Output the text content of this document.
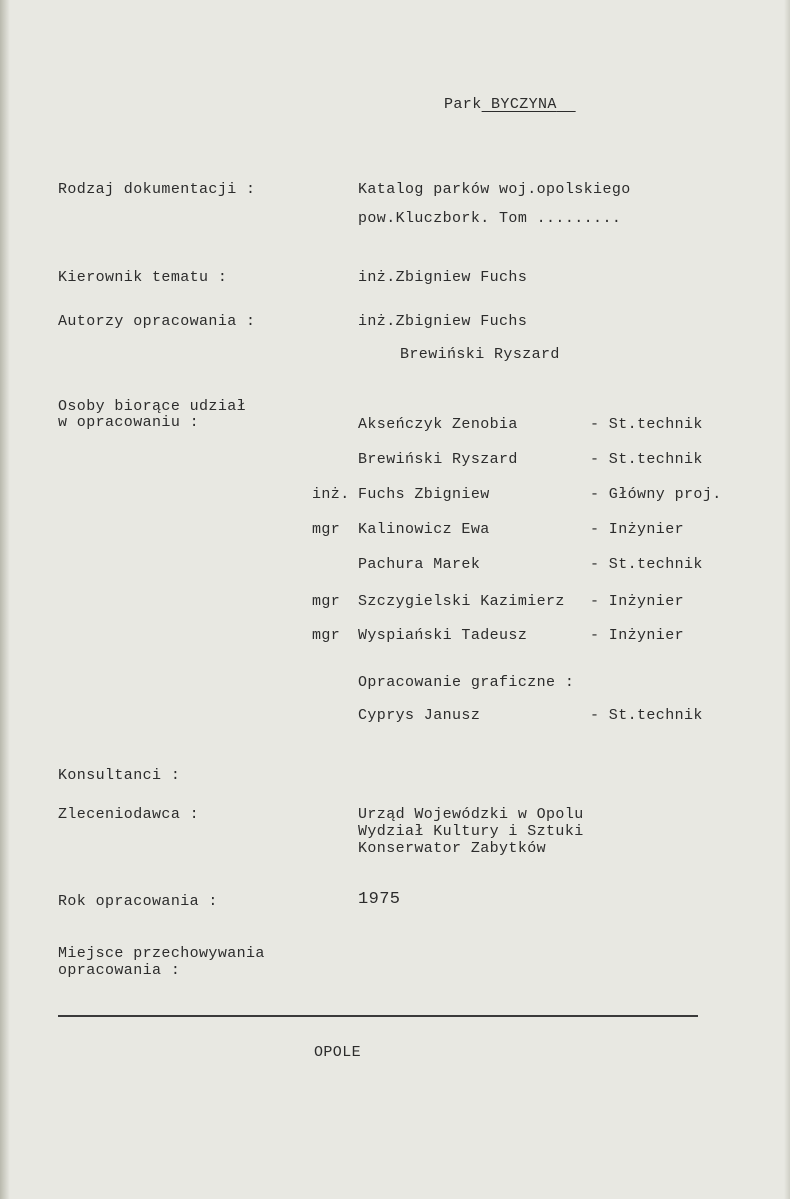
Park BYCZYNA
Rodzaj dokumentacji :	Katalog parków woj.opolskiego
pow.Kluczbork. Tom .........
Kierownik tematu :	inż.Zbigniew Fuchs
Autorzy opracowania :	inż.Zbigniew Fuchs
Brewiński Ryszard
Osoby biorące udział
w opracowaniu :	Akseńczyk Zenobia	- St.technik
Brewiński Ryszard	- St.technik
inż. Fuchs Zbigniew	- Główny proj.
mgr Kalinowicz Ewa	- Inżynier
Pachura Marek	- St.technik
mgr Szczygielski Kazimierz - Inżynier
mgr Wyspiański Tadeusz	- Inżynier
Opracowanie graficzne :
Cyprys Janusz	- St.technik
Konsultanci :
Zleceniodawca :	Urząd Wojewódzki w Opolu
Wydział Kultury i Sztuki
Konserwator Zabytków
Rok opracowania :	1975
Miejsce przechowywania
opracowania :
OPOLE
